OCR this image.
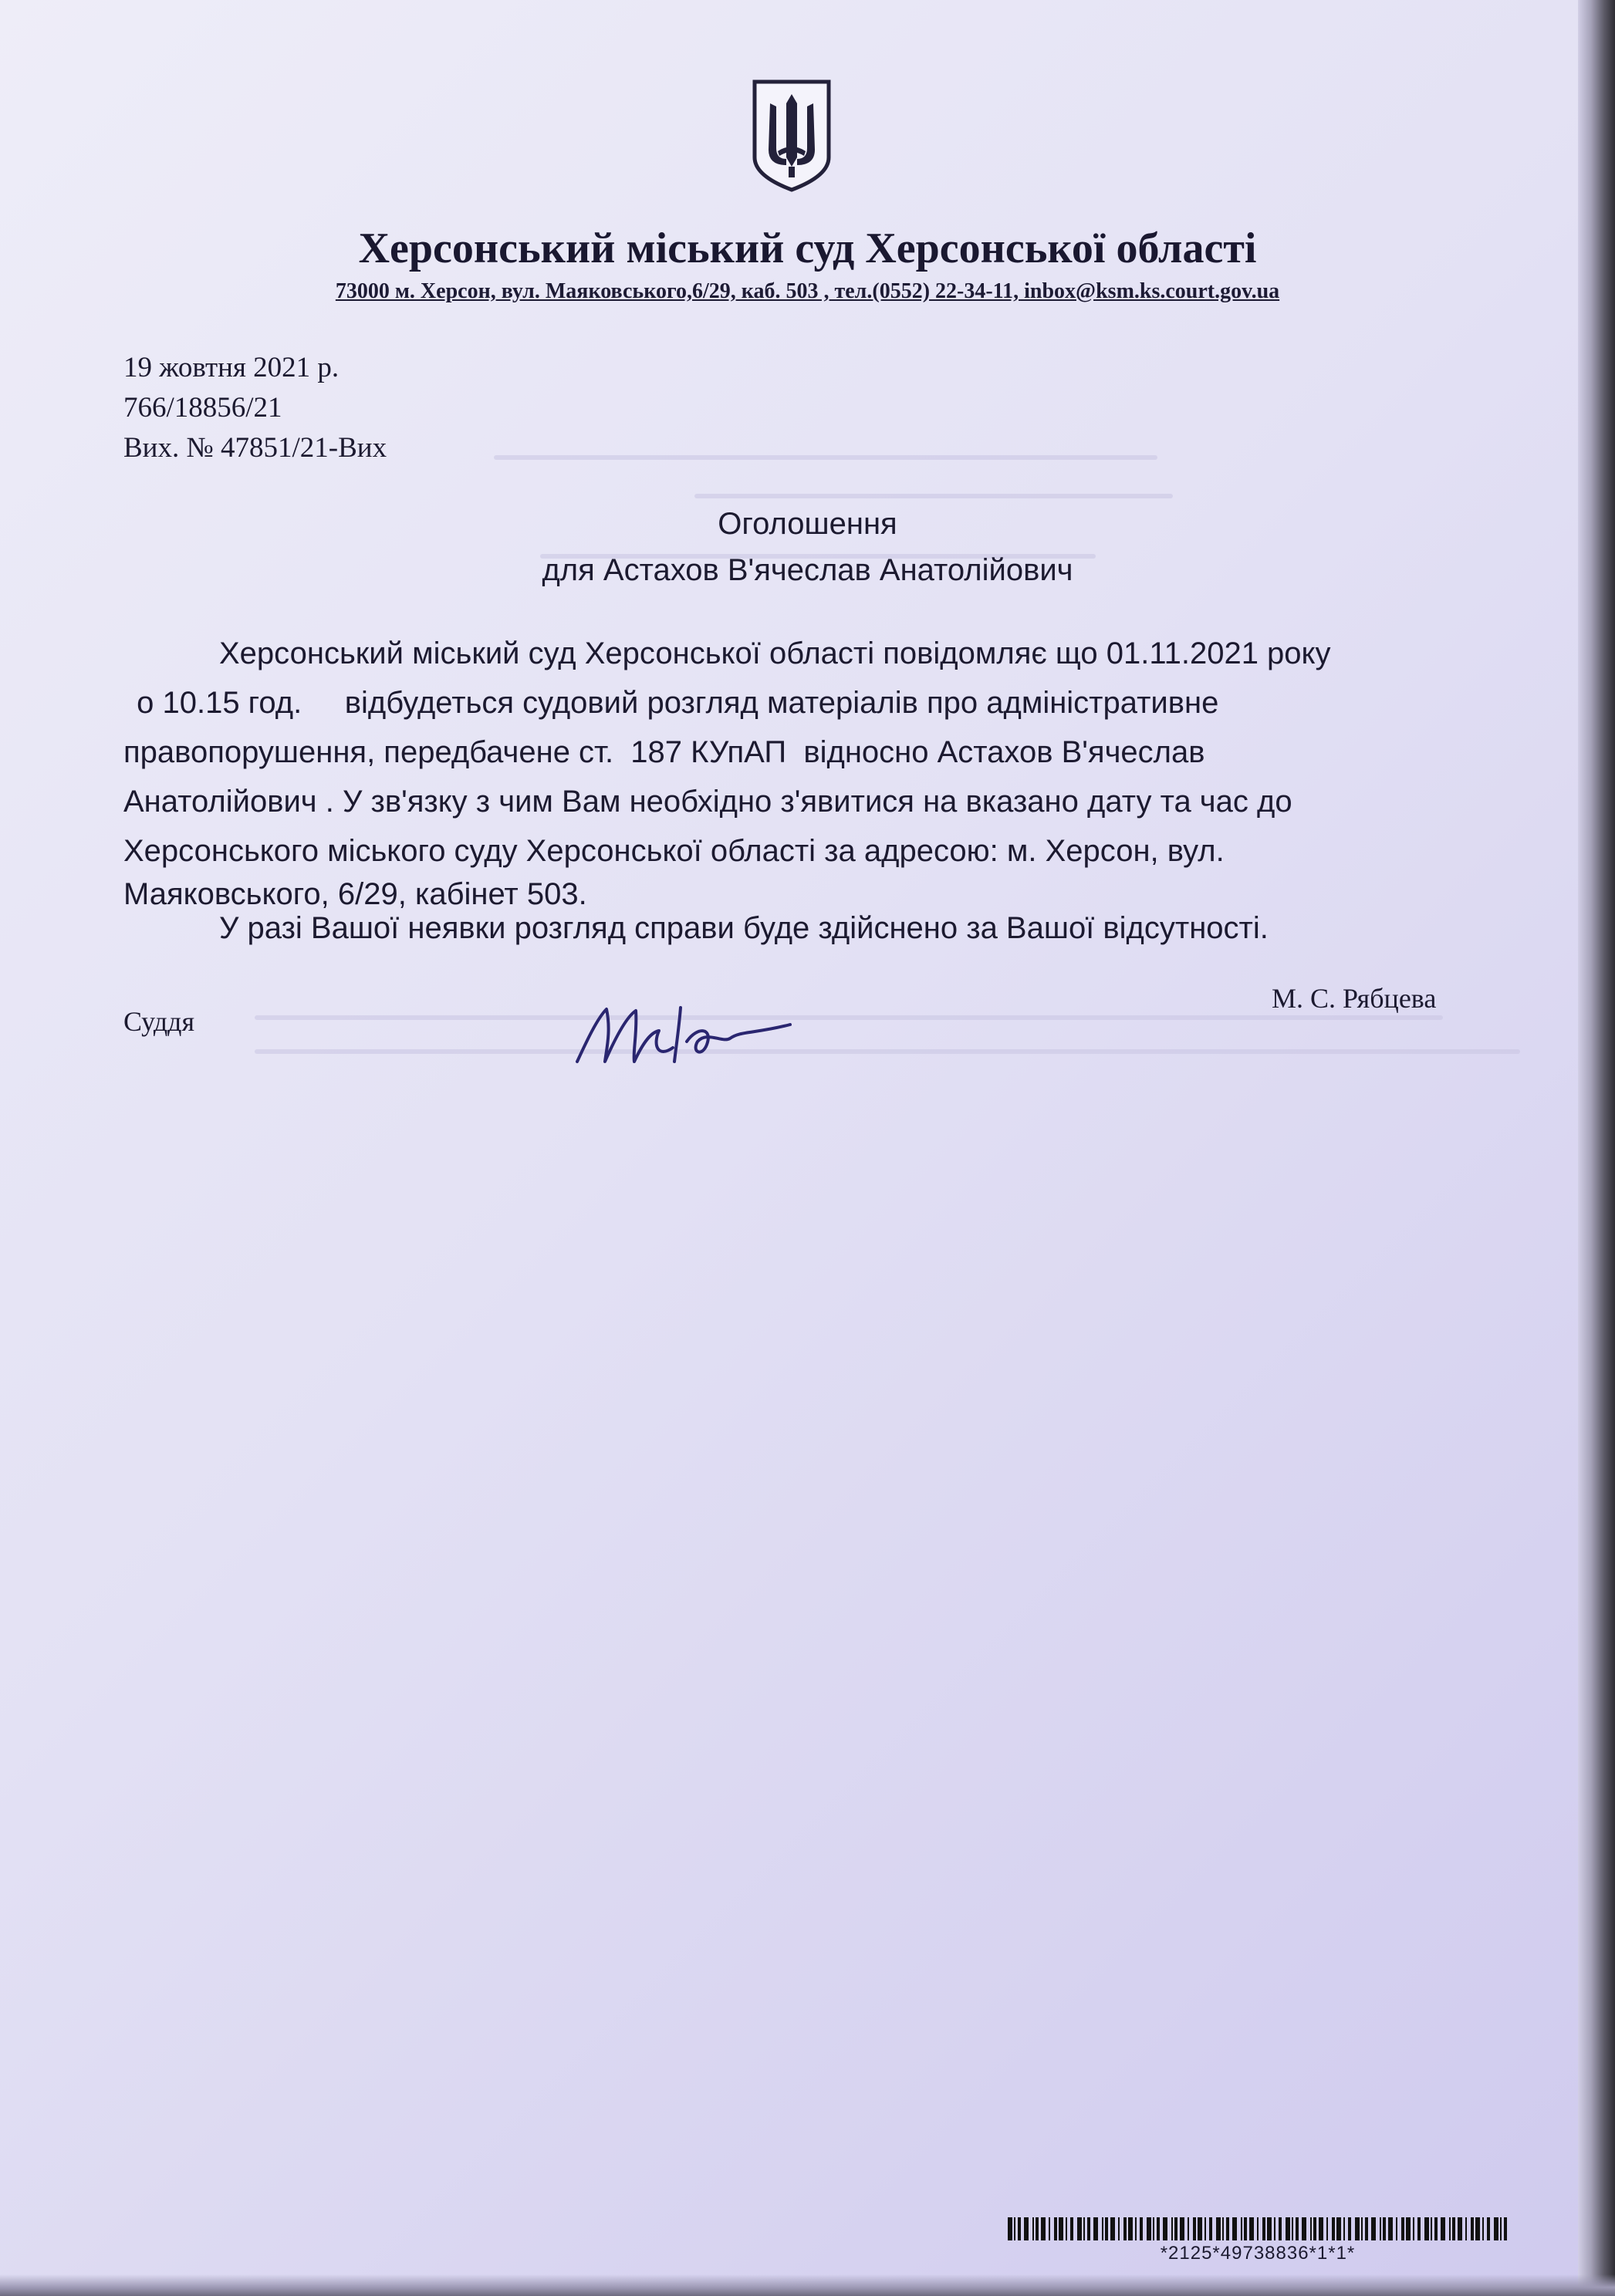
Херсонський міський суд Херсонської області

73000 м. Херсон, вул. Маяковського,6/29, каб. 503 , тел.(0552) 22-34-11, inbox@ksm.ks.court.gov.ua

19 жовтня 2021 р.

766/18856/21

Вих. № 47851/21-Вих

Оголошення

для Астахов В'ячеслав Анатолійович

Херсонський міський суд Херсонської області повідомляє що 01.11.2021 року

о 10.15 год.     відбудеться судовий розгляд матеріалів про адміністративне

правопорушення, передбачене ст.  187 КУпАП  відносно Астахов В'ячеслав

Анатолійович . У зв'язку з чим Вам необхідно з'явитися на вказано дату та час до

Херсонського міського суду Херсонської області за адресою: м. Херсон, вул.

Маяковського, 6/29, кабінет 503.

У разі Вашої неявки розгляд справи буде здійснено за Вашої відсутності.

Суддя

М. С. Рябцева

*2125*49738836*1*1*
